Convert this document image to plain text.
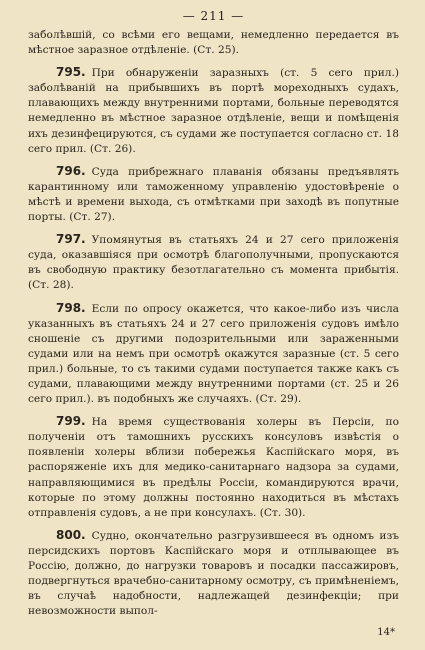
— 211 —

заболѣвшій, со всѣми его вещами, немедленно передается въ мѣстное заразное отдѣленіе. (Ст. 25).

795. При обнаруженіи заразныхъ (ст. 5 сего прил.) заболѣваній на прибывшихъ въ портѣ мореходныхъ судахъ, плавающихъ между внутренними портами, больные переводятся немедленно въ мѣстное заразное отдѣленіе, вещи и помѣщенія ихъ дезинфецируются, съ судами же поступается согласно ст. 18 сего прил. (Ст. 26).

796. Суда прибрежнаго плаванія обязаны предъявлять карантинному или таможенному управленію удостовѣреніе о мѣстѣ и времени выхода, съ отмѣтками при заходѣ въ попутные порты. (Ст. 27).

797. Упомянутыя въ статьяхъ 24 и 27 сего приложенія суда, оказавшіяся при осмотрѣ благополучными, пропускаются въ свободную практику безотлагательно съ момента прибытія. (Ст. 28).

798. Если по опросу окажется, что какое-либо изъ числа указанныхъ въ статьяхъ 24 и 27 сего приложенія судовъ имѣло сношеніе съ другими подозрительными или зараженными судами или на немъ при осмотрѣ окажутся заразные (ст. 5 сего прил.) больные, то съ такими судами поступается также какъ съ судами, плавающими между внутренними портами (ст. 25 и 26 сего прил.). въ подобныхъ же случаяхъ. (Ст. 29).

799. На время существованія холеры въ Персіи, по полученіи отъ тамошнихъ русскихъ консуловъ извѣстія о появленіи холеры вблизи побережья Каспійскаго моря, въ распоряженіе ихъ для медико-санитарнаго надзора за судами, направляющимися въ предѣлы Россіи, командируются врачи, которые по этому должны постоянно находиться въ мѣстахъ отправленія судовъ, а не при консулахъ. (Ст. 30).

800. Судно, окончательно разгрузившееся въ одномъ изъ персидскихъ портовъ Каспійскаго моря и отплывающее въ Россію, должно, до нагрузки товаровъ и посадки пассажировъ, подвергнуться врачебно-санитарному осмотру, съ примѣненіемъ, въ случаѣ надобности, надлежащей дезинфекціи; при невозможности выпол-

14*
